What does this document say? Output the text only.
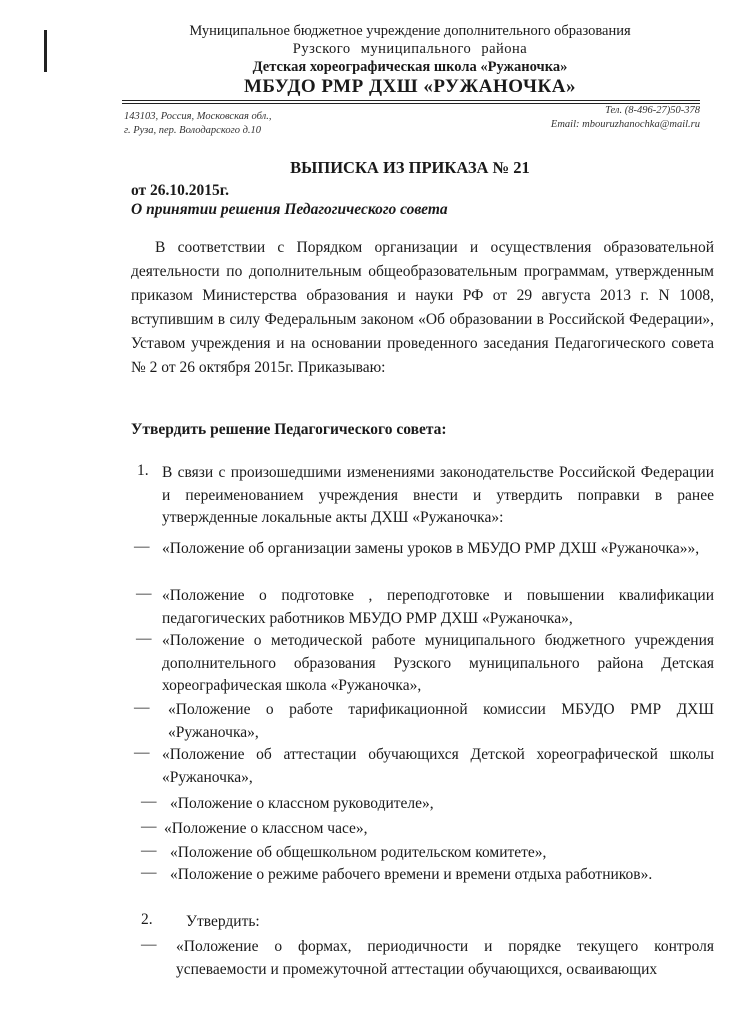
Муниципальное бюджетное учреждение дополнительного образования
Рузского муниципального района
Детская хореографическая школа «Ружаночка»
МБУДО РМР ДХШ «РУЖАНОЧКА»
143103, Россия, Московская обл.,
г. Руза, пер. Володарского д.10
Тел. (8-496-27)50-378
Email: mbouruzhanochka@mail.ru
ВЫПИСКА ИЗ ПРИКАЗА № 21
от 26.10.2015г.
О принятии решения Педагогического совета
В соответствии с Порядком организации и осуществления образовательной деятельности по дополнительным общеобразовательным программам, утвержденным приказом Министерства образования и науки РФ от 29 августа 2013 г. N 1008, вступившим в силу Федеральным законом «Об образовании в Российской Федерации», Уставом учреждения и на основании проведенного заседания Педагогического совета № 2 от 26 октября 2015г. Приказываю:
Утвердить решение Педагогического совета:
1. В связи с произошедшими изменениями законодательстве Российской Федерации и переименованием учреждения внести и утвердить поправки в ранее утвержденные локальные акты ДХШ «Ружаночка»:
— «Положение об организации замены уроков в МБУДО РМР ДХШ «Ружаночка»»,
— «Положение о подготовке , переподготовке и повышении квалификации педагогических работников МБУДО РМР ДХШ «Ружаночка»,
— «Положение о методической работе муниципального бюджетного учреждения дополнительного образования Рузского муниципального района Детская хореографическая школа «Ружаночка»,
— «Положение о работе тарификационной комиссии МБУДО РМР ДХШ «Ружаночка»,
— «Положение об аттестации обучающихся Детской хореографической школы «Ружаночка»,
— «Положение о классном руководителе»,
— «Положение о классном часе»,
— «Положение об общешкольном родительском комитете»,
— «Положение о режиме рабочего времени и времени отдыха работников».
2. Утвердить:
— «Положение о формах, периодичности и порядке текущего контроля успеваемости и промежуточной аттестации обучающихся, осваивающих
